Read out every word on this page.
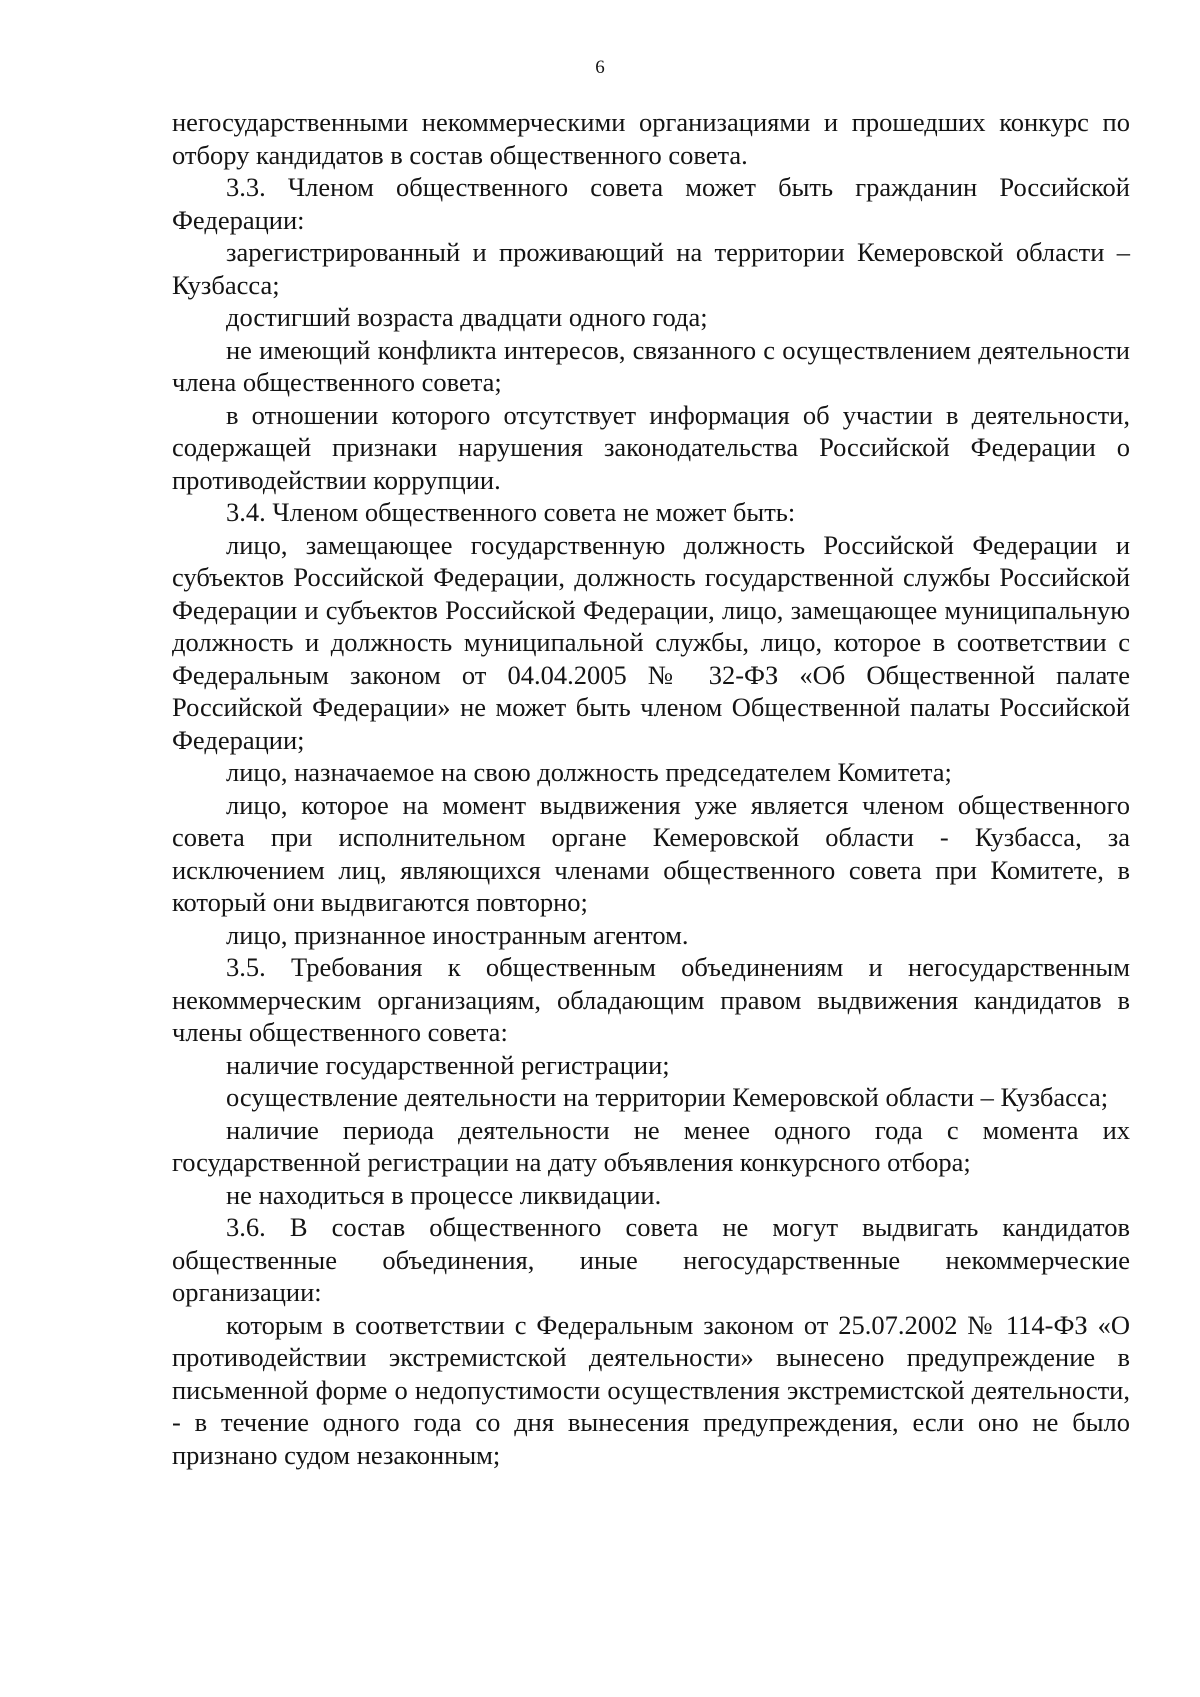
6

негосударственными некоммерческими организациями и прошедших конкурс по отбору кандидатов в состав общественного совета.

3.3. Членом общественного совета может быть гражданин Российской Федерации:

зарегистрированный и проживающий на территории Кемеровской области – Кузбасса;

достигший возраста двадцати одного года;

не имеющий конфликта интересов, связанного с осуществлением деятельности члена общественного совета;

в отношении которого отсутствует информация об участии в деятельности, содержащей признаки нарушения законодательства Российской Федерации о противодействии коррупции.

3.4. Членом общественного совета не может быть:

лицо, замещающее государственную должность Российской Федерации и субъектов Российской Федерации, должность государственной службы Российской Федерации и субъектов Российской Федерации, лицо, замещающее муниципальную должность и должность муниципальной службы, лицо, которое в соответствии с Федеральным законом от 04.04.2005 № 32-ФЗ «Об Общественной палате Российской Федерации» не может быть членом Общественной палаты Российской Федерации;

лицо, назначаемое на свою должность председателем Комитета;

лицо, которое на момент выдвижения уже является членом общественного совета при исполнительном органе Кемеровской области - Кузбасса, за исключением лиц, являющихся членами общественного совета при Комитете, в который они выдвигаются повторно;

лицо, признанное иностранным агентом.

3.5. Требования к общественным объединениям и негосударственным некоммерческим организациям, обладающим правом выдвижения кандидатов в члены общественного совета:

наличие государственной регистрации;

осуществление деятельности на территории Кемеровской области – Кузбасса;

наличие периода деятельности не менее одного года с момента их государственной регистрации на дату объявления конкурсного отбора;

не находиться в процессе ликвидации.

3.6. В состав общественного совета не могут выдвигать кандидатов общественные объединения, иные негосударственные некоммерческие организации:

которым в соответствии с Федеральным законом от 25.07.2002 № 114-ФЗ «О противодействии экстремистской деятельности» вынесено предупреждение в письменной форме о недопустимости осуществления экстремистской деятельности, - в течение одного года со дня вынесения предупреждения, если оно не было признано судом незаконным;
